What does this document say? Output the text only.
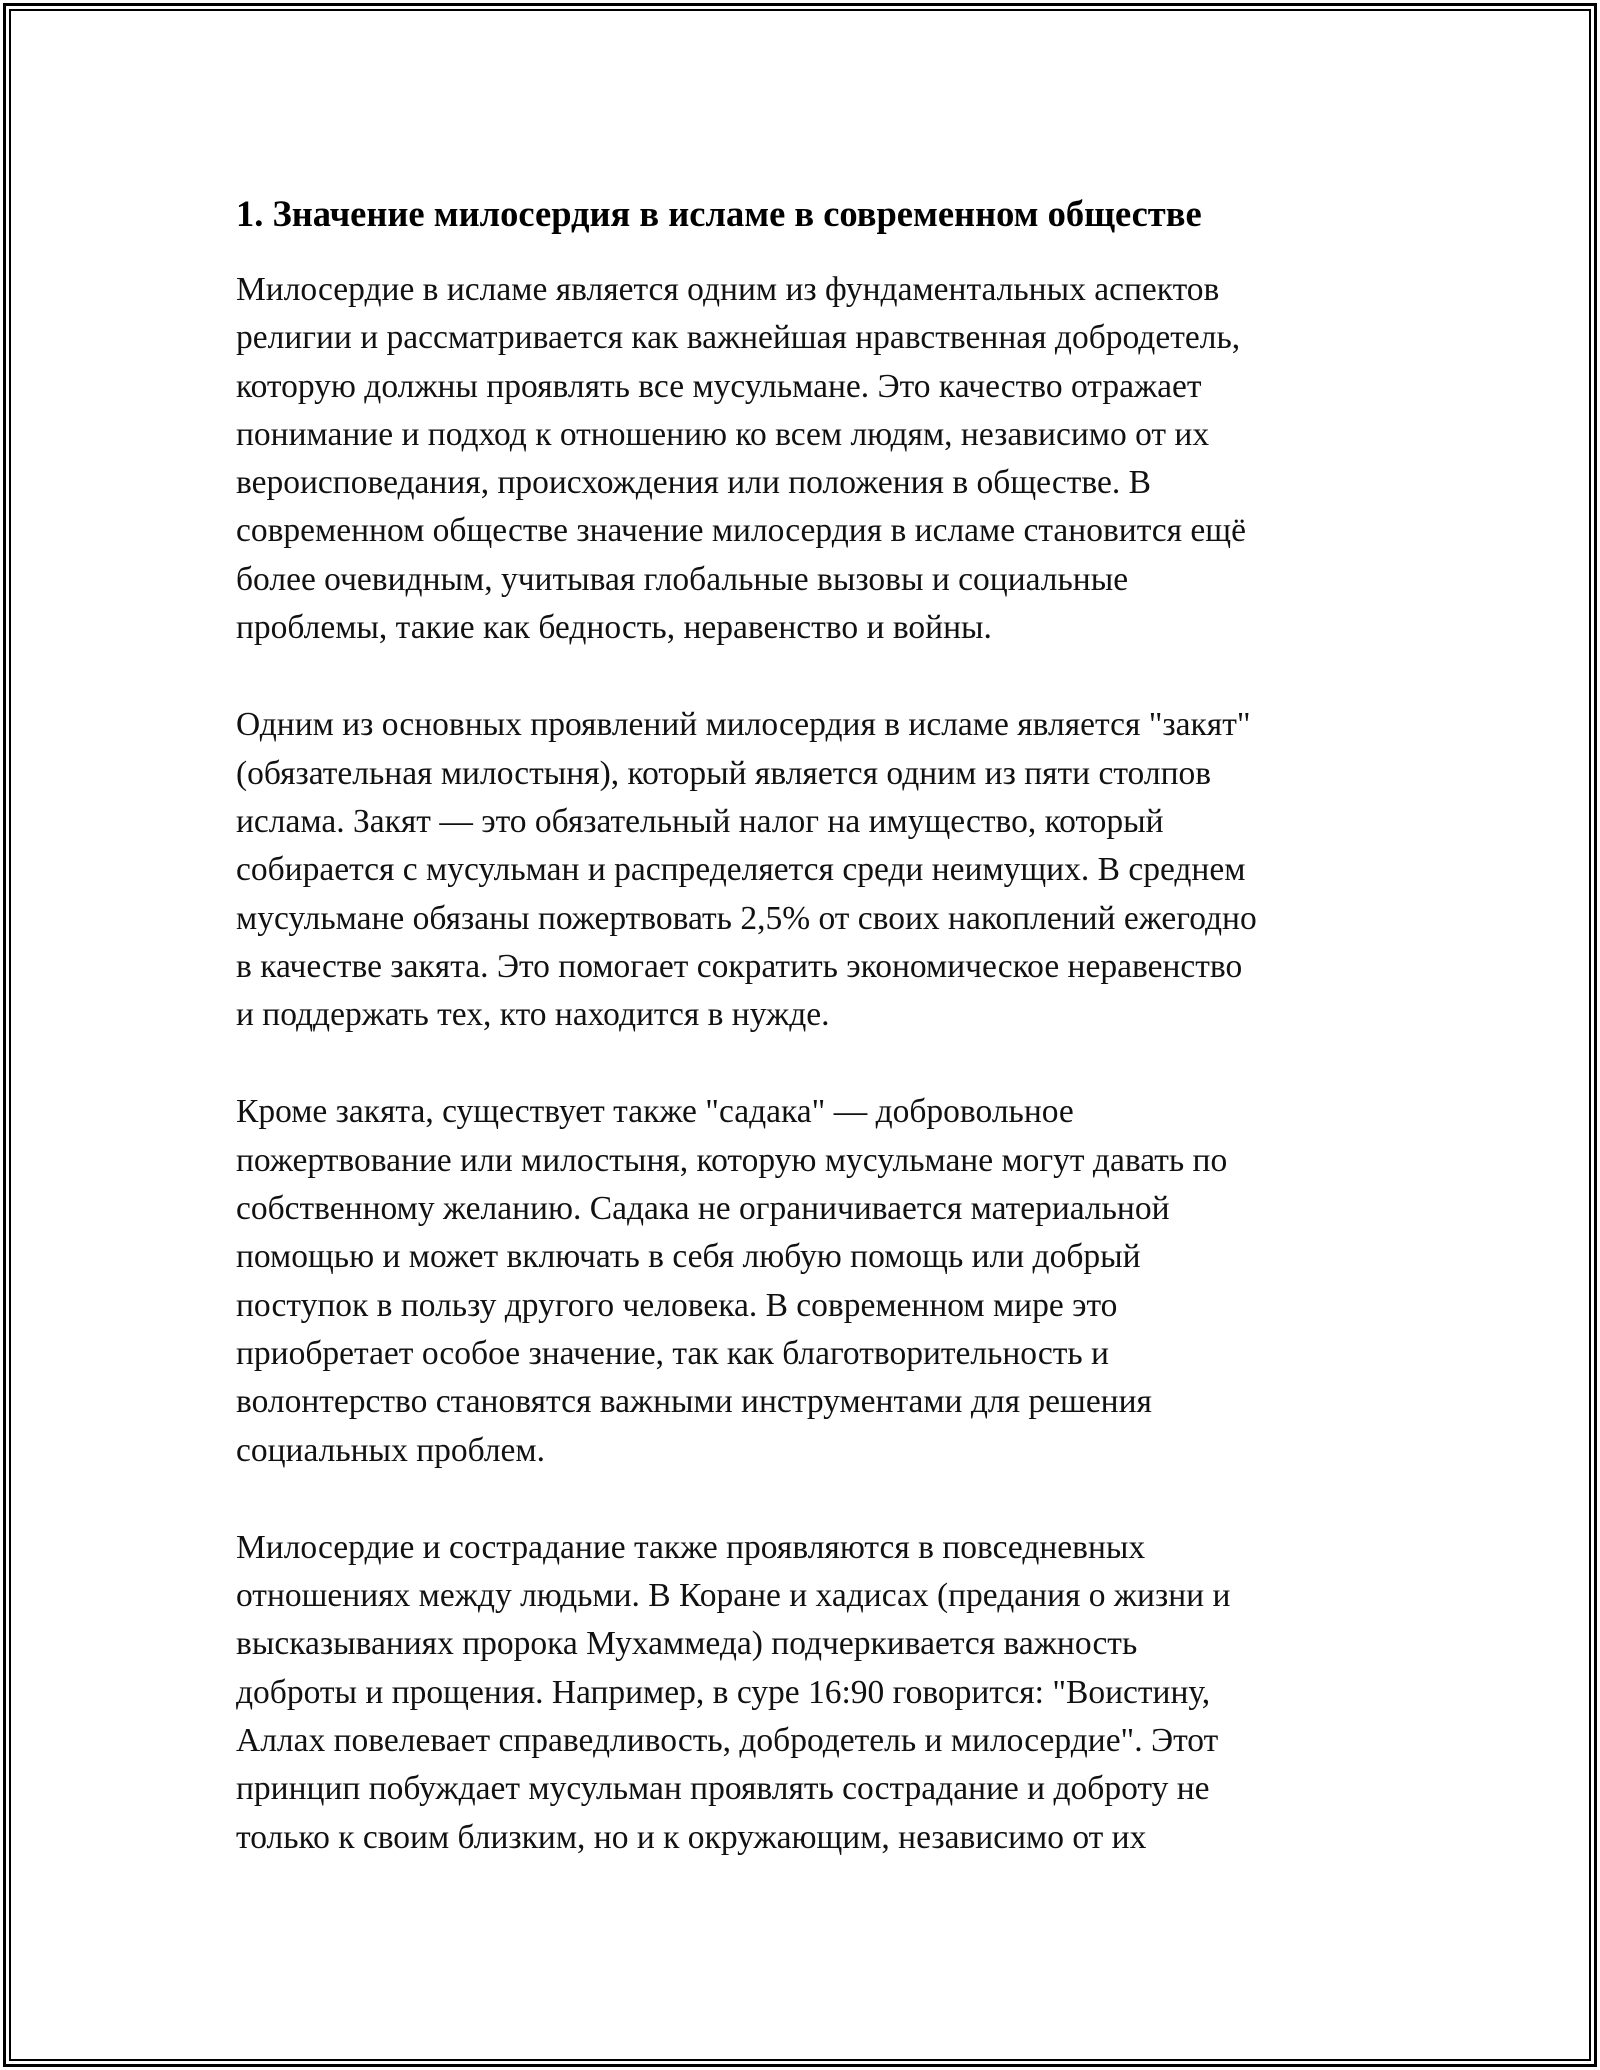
1. Значение милосердия в исламе в современном обществе

Милосердие в исламе является одним из фундаментальных аспектов
религии и рассматривается как важнейшая нравственная добродетель,
которую должны проявлять все мусульмане. Это качество отражает
понимание и подход к отношению ко всем людям, независимо от их
вероисповедания, происхождения или положения в обществе. В
современном обществе значение милосердия в исламе становится ещё
более очевидным, учитывая глобальные вызовы и социальные
проблемы, такие как бедность, неравенство и войны.

Одним из основных проявлений милосердия в исламе является "закят"
(обязательная милостыня), который является одним из пяти столпов
ислама. Закят — это обязательный налог на имущество, который
собирается с мусульман и распределяется среди неимущих. В среднем
мусульмане обязаны пожертвовать 2,5% от своих накоплений ежегодно
в качестве закята. Это помогает сократить экономическое неравенство
и поддержать тех, кто находится в нужде.

Кроме закята, существует также "садака" — добровольное
пожертвование или милостыня, которую мусульмане могут давать по
собственному желанию. Садака не ограничивается материальной
помощью и может включать в себя любую помощь или добрый
поступок в пользу другого человека. В современном мире это
приобретает особое значение, так как благотворительность и
волонтерство становятся важными инструментами для решения
социальных проблем.

Милосердие и сострадание также проявляются в повседневных
отношениях между людьми. В Коране и хадисах (предания о жизни и
высказываниях пророка Мухаммеда) подчеркивается важность
доброты и прощения. Например, в суре 16:90 говорится: "Воистину,
Аллах повелевает справедливость, добродетель и милосердие". Этот
принцип побуждает мусульман проявлять сострадание и доброту не
только к своим близким, но и к окружающим, независимо от их
